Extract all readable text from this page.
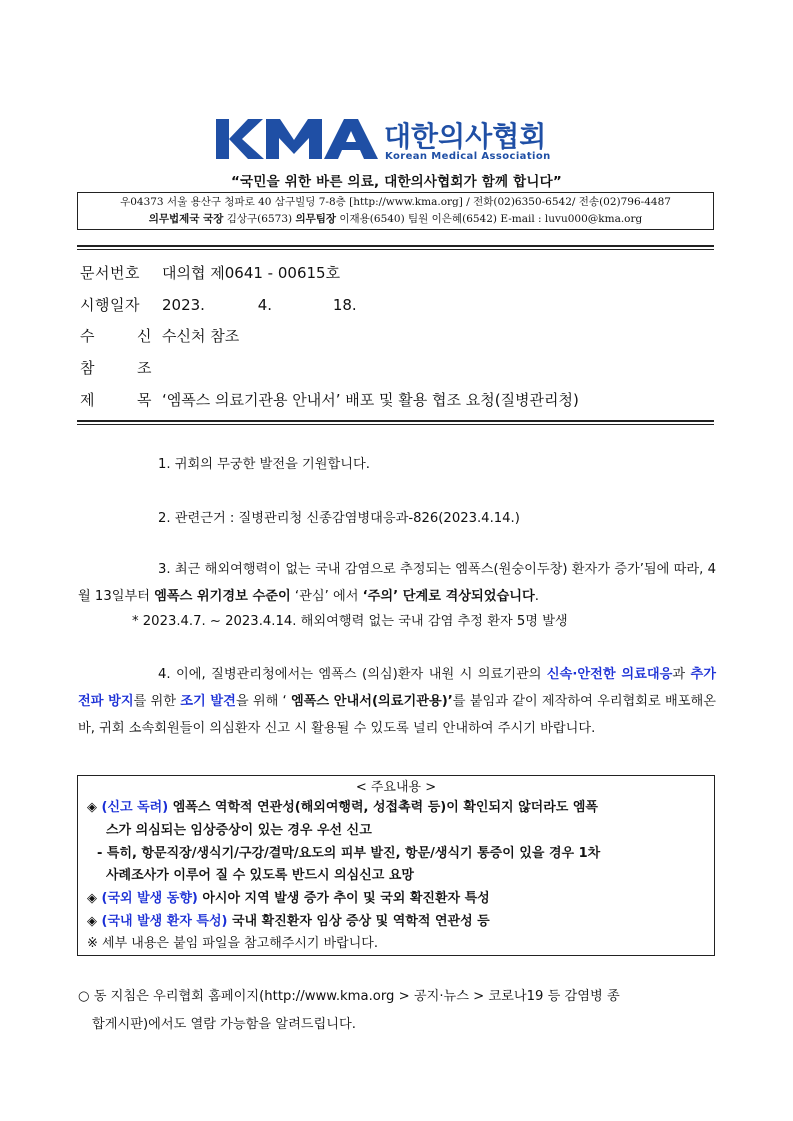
대한의사협회
Korean Medical Association
“국민을 위한 바른 의료, 대한의사협회가 함께 합니다”
우04373 서울 용산구 청파로 40 삼구빌딩 7-8층 [http://www.kma.org] / 전화(02)6350-6542/ 전송(02)796-4487
의무법제국 국장 김상구(6573) 의무팀장 이재용(6540) 팀원 이은혜(6542) E-mail : luvu000@kma.org
문서번호 대의협 제0641 - 00615호
시행일자 2023.	4.	18.
수 신 수신처 참조
참 조
제 목 ‘엠폭스 의료기관용 안내서’ 배포 및 활용 협조 요청(질병관리청)
1. 귀회의 무궁한 발전을 기원합니다.
2. 관련근거 : 질병관리청 신종감염병대응과-826(2023.4.14.)
3. 최근 해외여행력이 없는 국내 감염으로 추정되는 엠폭스(원숭이두창) 환자가 증가’됨에 따라, 4월 13일부터 엠폭스 위기경보 수준이 ‘관심’ 에서 ‘주의’ 단계로 격상되었습니다.
* 2023.4.7. ~ 2023.4.14. 해외여행력 없는 국내 감염 추정 환자 5명 발생
4. 이에, 질병관리청에서는 엠폭스 (의심)환자 내원 시 의료기관의 신속·안전한 의료대응과 추가 전파 방지를 위한 조기 발견을 위해 ‘ 엠폭스 안내서(의료기관용)’를 붙임과 같이 제작하여 우리협회로 배포해온 바, 귀회 소속회원들이 의심환자 신고 시 활용될 수 있도록 널리 안내하여 주시기 바랍니다.
< 주요내용 >
◈ (신고 독려) 엠폭스 역학적 연관성(해외여행력, 성접촉력 등)이 확인되지 않더라도 엠폭
스가 의심되는 임상증상이 있는 경우 우선 신고
- 특히, 항문직장/생식기/구강/결막/요도의 피부 발진, 항문/생식기 통증이 있을 경우 1차
사례조사가 이루어 질 수 있도록 반드시 의심신고 요망
◈ (국외 발생 동향) 아시아 지역 발생 증가 추이 및 국외 확진환자 특성
◈ (국내 발생 환자 특성) 국내 확진환자 임상 증상 및 역학적 연관성 등
※ 세부 내용은 붙임 파일을 참고해주시기 바랍니다.
○ 동 지침은 우리협회 홈페이지(http://www.kma.org > 공지·뉴스 > 코로나19 등 감염병 종
합게시판)에서도 열람 가능함을 알려드립니다.
